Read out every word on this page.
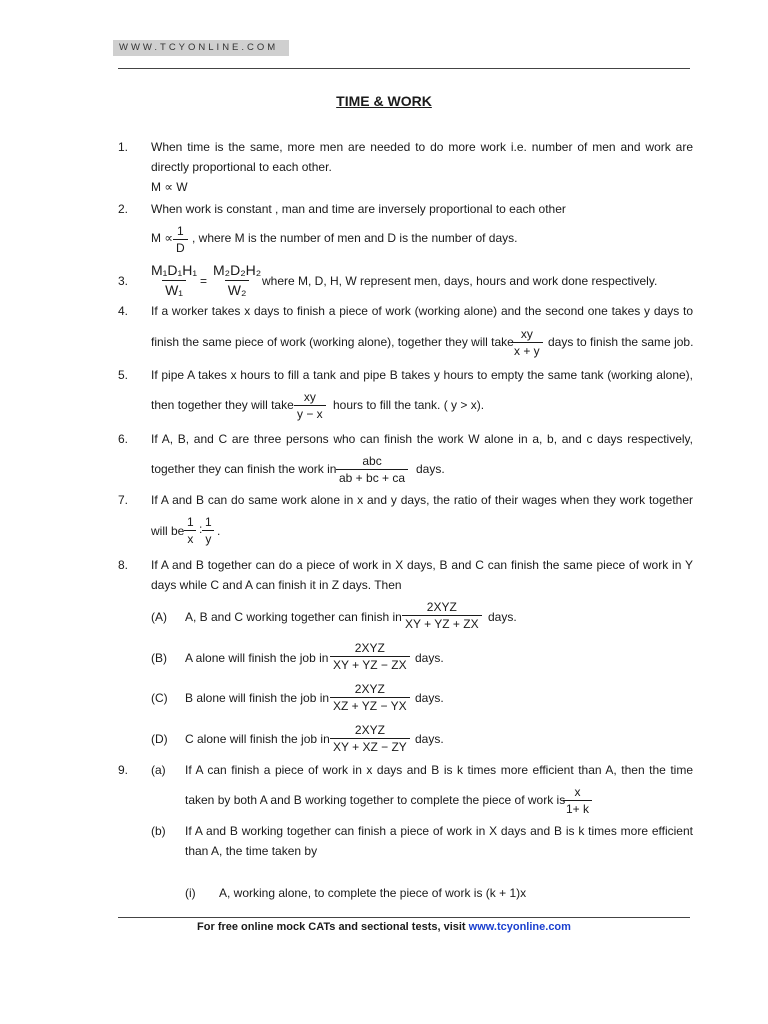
WWW.TCYONLINE.COM
TIME & WORK
1. When time is the same, more men are needed to do more work i.e. number of men and work are
directly proportional to each other.
M ∝ W
2. When work is constant , man and time are inversely proportional to each other
$M \propto \frac{1}{D}$ , where M is the number of men and D is the number of days.
3. $\frac{\text{M₁D₁H₁}}{\text{W₁}} = \frac{\text{M₂D₂H₂}}{\text{W₂}}$
where M, D, H, W represent men, days, hours and work done respectively.
4. If a worker takes x days to finish a piece of work (working alone) and the second one takes y days to
finish the same piece of work (working alone), together they will take
$\frac{xy}{x + y}$ days to finish the same job.
5. If pipe A takes x hours to fill a tank and pipe B takes y hours to empty the same tank (working alone),
then together they will take $\frac{xy}{y - x}$ hours to fill the tank. ( y > x).
6. If A, B, and C are three persons who can finish the work W alone in a, b, and c days respectively,
together they can finish the work in
abc
ab + bc + ca
days.
7. If A and B can do same work alone in x and y days, the ratio of their wages when they work together
will be $\frac{1}{x}$ : $\frac{1}{y}$ .
8. If A and B together can do a piece of work in X days, B and C can finish the same piece of work in Y
days while C and A can finish it in Z days. Then
(A) A, B and C working together can finish in
2XYZ
XY + YZ + ZX days.
(B) A alone will finish the job in
2XYZ
XY + YZ − ZX days.
(C) B alone will finish the job in
2XYZ
XZ + YZ − YX
days.
(D) C alone will finish the job in
2XYZ
XY + XZ − ZY
days.
9. (a) If A can finish a piece of work in x days and B is k times more efficient than A, then the time
taken by both A and B working together to complete the piece of work is
$\frac{x}{1+ k}$
(b) If A and B working together can finish a piece of work in X days and B is k times more efficient
than A, the time taken by
(i) A, working alone, to complete the piece of work is (k + 1)x
For free online mock CATs and sectional tests, visit www.tcyonline.com
